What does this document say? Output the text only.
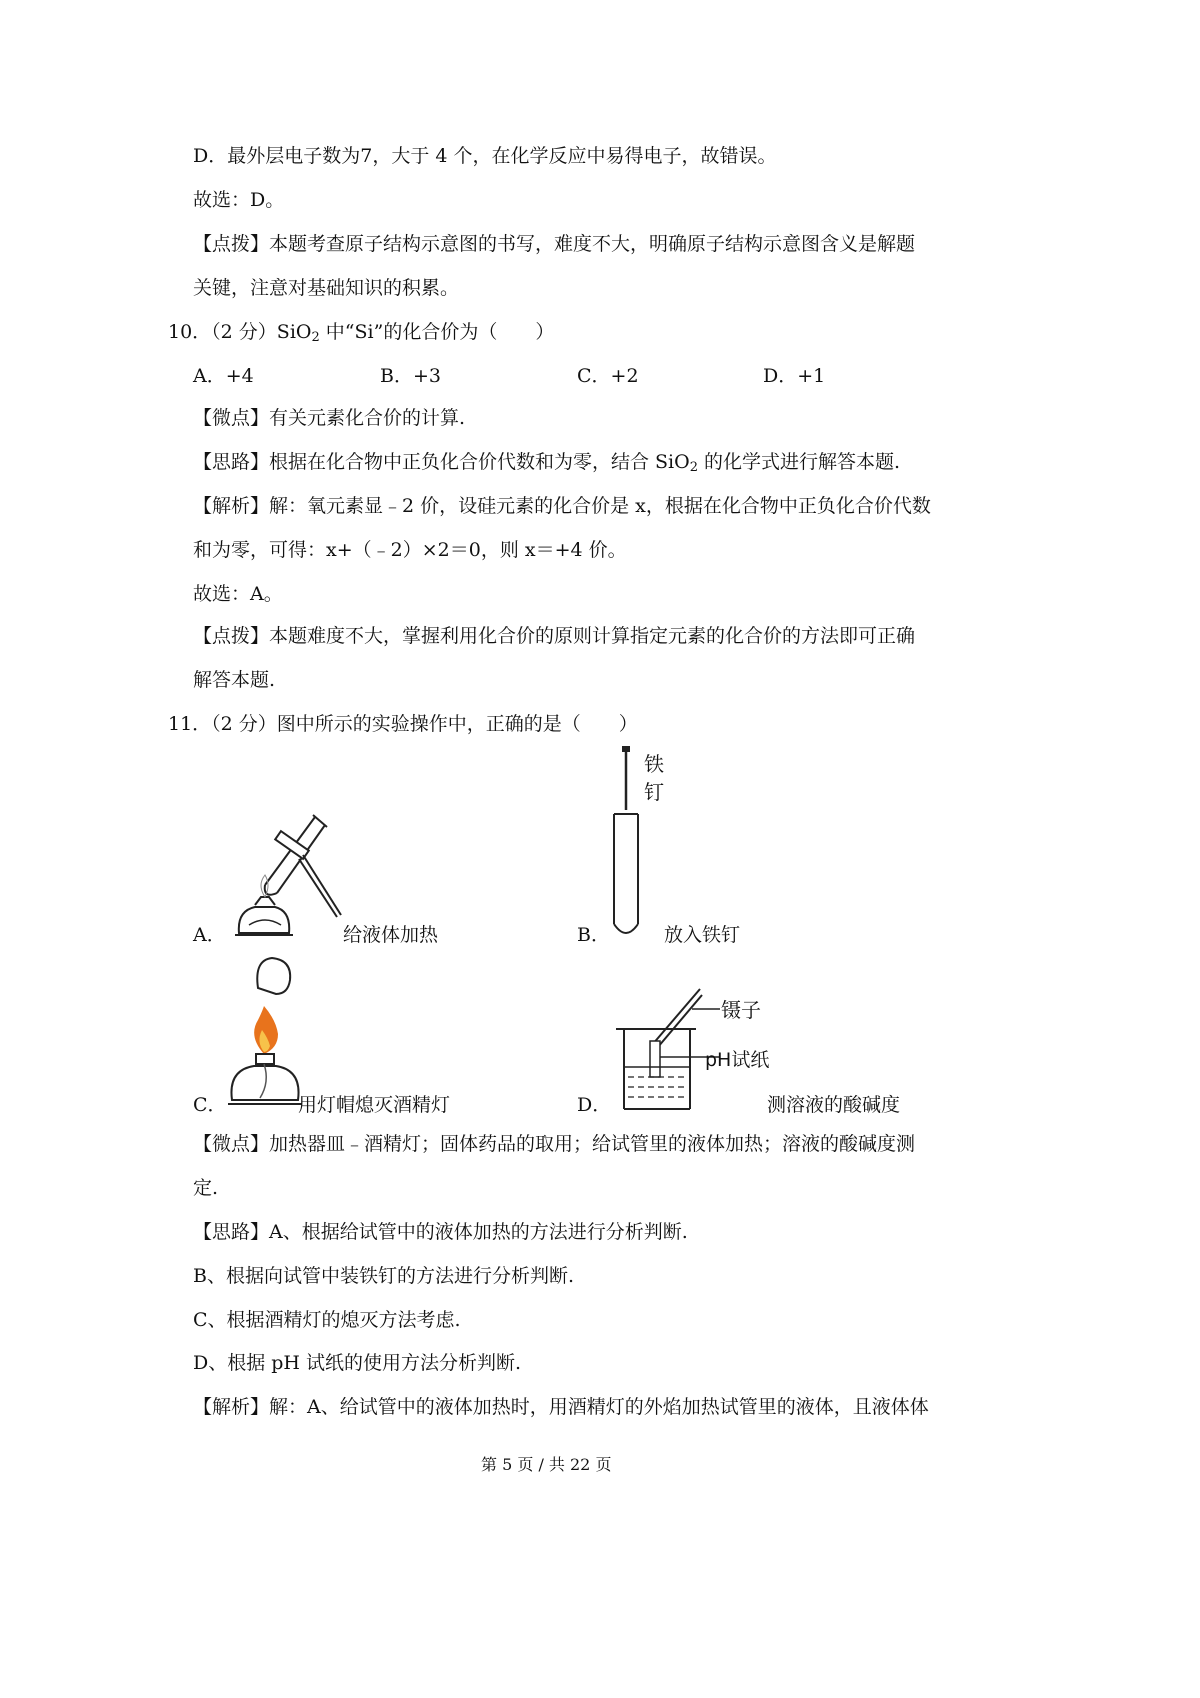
D．最外层电子数为7，大于 4 个，在化学反应中易得电子，故错误。
故选：D。
【点拨】本题考查原子结构示意图的书写，难度不大，明确原子结构示意图含义是解题
关键，注意对基础知识的积累。
10．（2 分）SiO$_2$ 中“Si”的化合价为（　　）
A．+4	B．+3	C．+2	D．+1
【微点】有关元素化合价的计算.
【思路】根据在化合物中正负化合价代数和为零，结合 SiO$_2$ 的化学式进行解答本题.
【解析】解：氧元素显﹣2 价，设硅元素的化合价是 x，根据在化合物中正负化合价代数
和为零，可得：x+（﹣2）×2＝0，则 x＝+4 价。
故选：A。
【点拨】本题难度不大，掌握利用化合价的原则计算指定元素的化合价的方法即可正确
解答本题.
11．（2 分）图中所示的实验操作中，正确的是（　　）
A．	给液体加热
铁
钉
B．	放入铁钉
C．	用灯帽熄灭酒精灯
镊子
pH试纸
D．	测溶液的酸碱度
【微点】加热器皿﹣酒精灯；固体药品的取用；给试管里的液体加热；溶液的酸碱度测
定.
【思路】A、根据给试管中的液体加热的方法进行分析判断.
B、根据向试管中装铁钉的方法进行分析判断.
C、根据酒精灯的熄灭方法考虑.
D、根据 pH 试纸的使用方法分析判断.
【解析】解：A、给试管中的液体加热时，用酒精灯的外焰加热试管里的液体，且液体体
第 5 页 / 共 22 页
